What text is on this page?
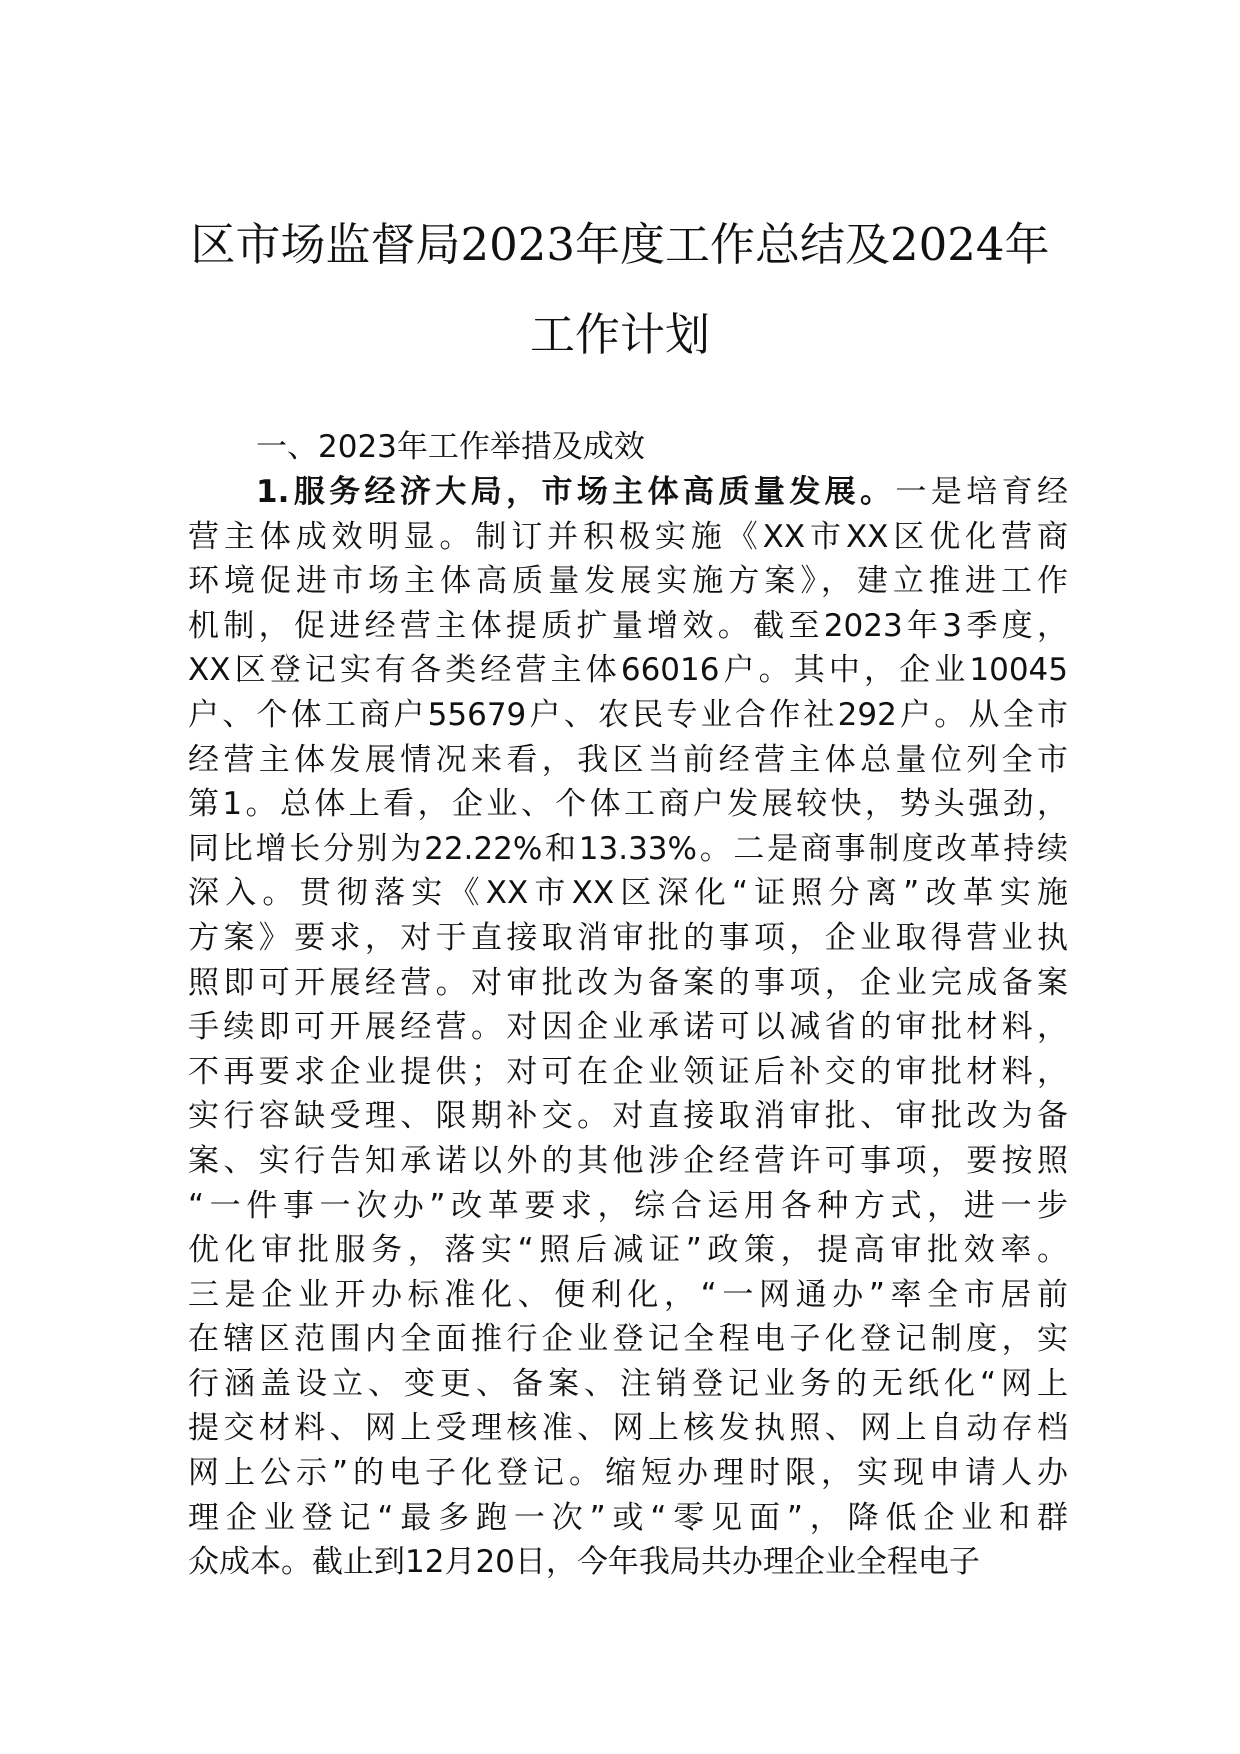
区市场监督局2023年度工作总结及2024年
工作计划
一、2023年工作举措及成效
1.服务经济大局，市场主体高质量发展。一是培育经
营主体成效明显。制订并积极实施《XX市XX区优化营商
环境促进市场主体高质量发展实施方案》，建立推进工作
机制，促进经营主体提质扩量增效。截至2023年3季度，
XX区登记实有各类经营主体66016户。其中，企业10045
户、个体工商户55679户、农民专业合作社292户。从全市
经营主体发展情况来看，我区当前经营主体总量位列全市
第1。总体上看，企业、个体工商户发展较快，势头强劲，
同比增长分别为22.22%和13.33%。二是商事制度改革持续
深入。贯彻落实《XX市XX区深化“证照分离”改革实施
方案》要求，对于直接取消审批的事项，企业取得营业执
照即可开展经营。对审批改为备案的事项，企业完成备案
手续即可开展经营。对因企业承诺可以减省的审批材料，
不再要求企业提供；对可在企业领证后补交的审批材料，
实行容缺受理、限期补交。对直接取消审批、审批改为备
案、实行告知承诺以外的其他涉企经营许可事项，要按照
“一件事一次办”改革要求，综合运用各种方式，进一步
优化审批服务，落实“照后减证”政策，提高审批效率。
三是企业开办标准化、便利化，“一网通办”率全市居前
在辖区范围内全面推行企业登记全程电子化登记制度，实
行涵盖设立、变更、备案、注销登记业务的无纸化“网上
提交材料、网上受理核准、网上核发执照、网上自动存档
网上公示”的电子化登记。缩短办理时限，实现申请人办
理企业登记“最多跑一次”或“零见面”，降低企业和群
众成本。截止到12月20日，今年我局共办理企业全程电子
